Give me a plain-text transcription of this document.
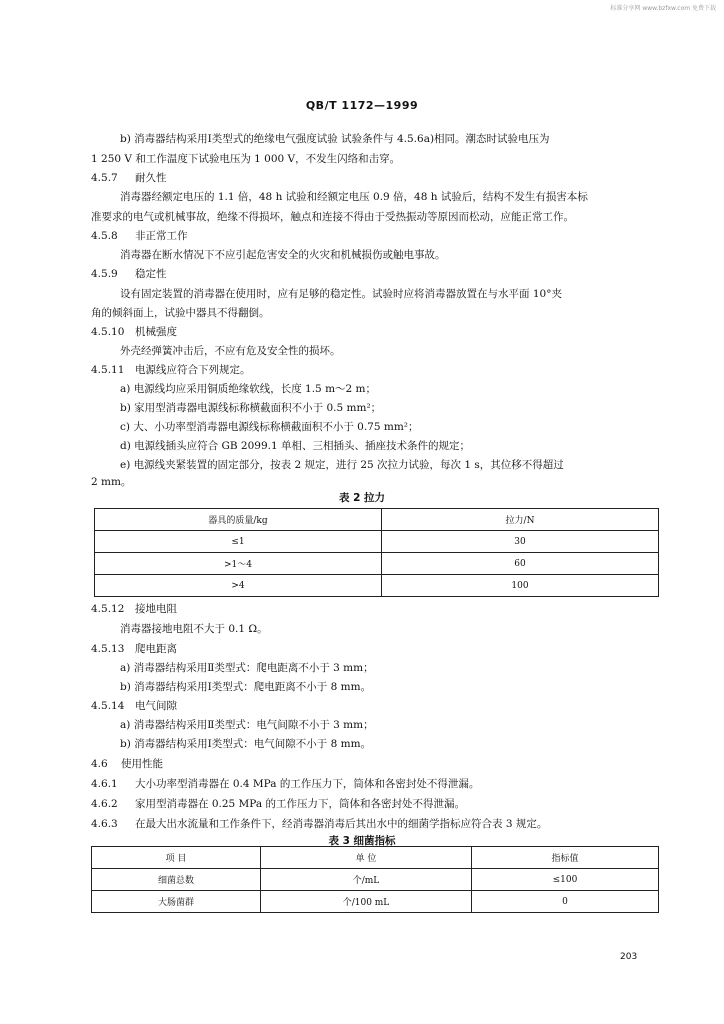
标准分享网 www.bzfxw.com 免费下载
QB/T 1172—1999
b) 消毒器结构采用Ⅰ类型式的绝缘电气强度试验 试验条件与 4.5.6a)相同。潮态时试验电压为
1 250 V 和工作温度下试验电压为 1 000 V，不发生闪络和击穿。
4.5.7 耐久性
消毒器经额定电压的 1.1 倍，48 h 试验和经额定电压 0.9 倍，48 h 试验后，结构不发生有损害本标
准要求的电气或机械事故，绝缘不得损坏，触点和连接不得由于受热振动等原因而松动，应能正常工作。
4.5.8 非正常工作
消毒器在断水情况下不应引起危害安全的火灾和机械损伤或触电事故。
4.5.9 稳定性
设有固定装置的消毒器在使用时，应有足够的稳定性。试验时应将消毒器放置在与水平面 10°夹
角的倾斜面上，试验中器具不得翻倒。
4.5.10 机械强度
外壳经弹簧冲击后，不应有危及安全性的损坏。
4.5.11 电源线应符合下列规定。
a) 电源线均应采用铜质绝缘软线，长度 1.5 m～2 m；
b) 家用型消毒器电源线标称横截面积不小于 0.5 mm²；
c) 大、小功率型消毒器电源线标称横截面积不小于 0.75 mm²；
d) 电源线插头应符合 GB 2099.1 单相、三相插头、插座技术条件的规定；
e) 电源线夹紧装置的固定部分，按表 2 规定，进行 25 次拉力试验，每次 1 s，其位移不得超过
2 mm。
表 2 拉力
器具的质量/kg	拉力/N
≤1	30
>1～4	60
>4	100
4.5.12 接地电阻
消毒器接地电阻不大于 0.1 Ω。
4.5.13 爬电距离
a) 消毒器结构采用Ⅱ类型式：爬电距离不小于 3 mm；
b) 消毒器结构采用Ⅰ类型式：爬电距离不小于 8 mm。
4.5.14 电气间隙
a) 消毒器结构采用Ⅱ类型式：电气间隙不小于 3 mm；
b) 消毒器结构采用Ⅰ类型式：电气间隙不小于 8 mm。
4.6 使用性能
4.6.1 大小功率型消毒器在 0.4 MPa 的工作压力下，筒体和各密封处不得泄漏。
4.6.2 家用型消毒器在 0.25 MPa 的工作压力下，筒体和各密封处不得泄漏。
4.6.3 在最大出水流量和工作条件下，经消毒器消毒后其出水中的细菌学指标应符合表 3 规定。
表 3 细菌指标
项 目	单 位	指标值
细菌总数	个/mL	≤100
大肠菌群	个/100 mL	0
203
